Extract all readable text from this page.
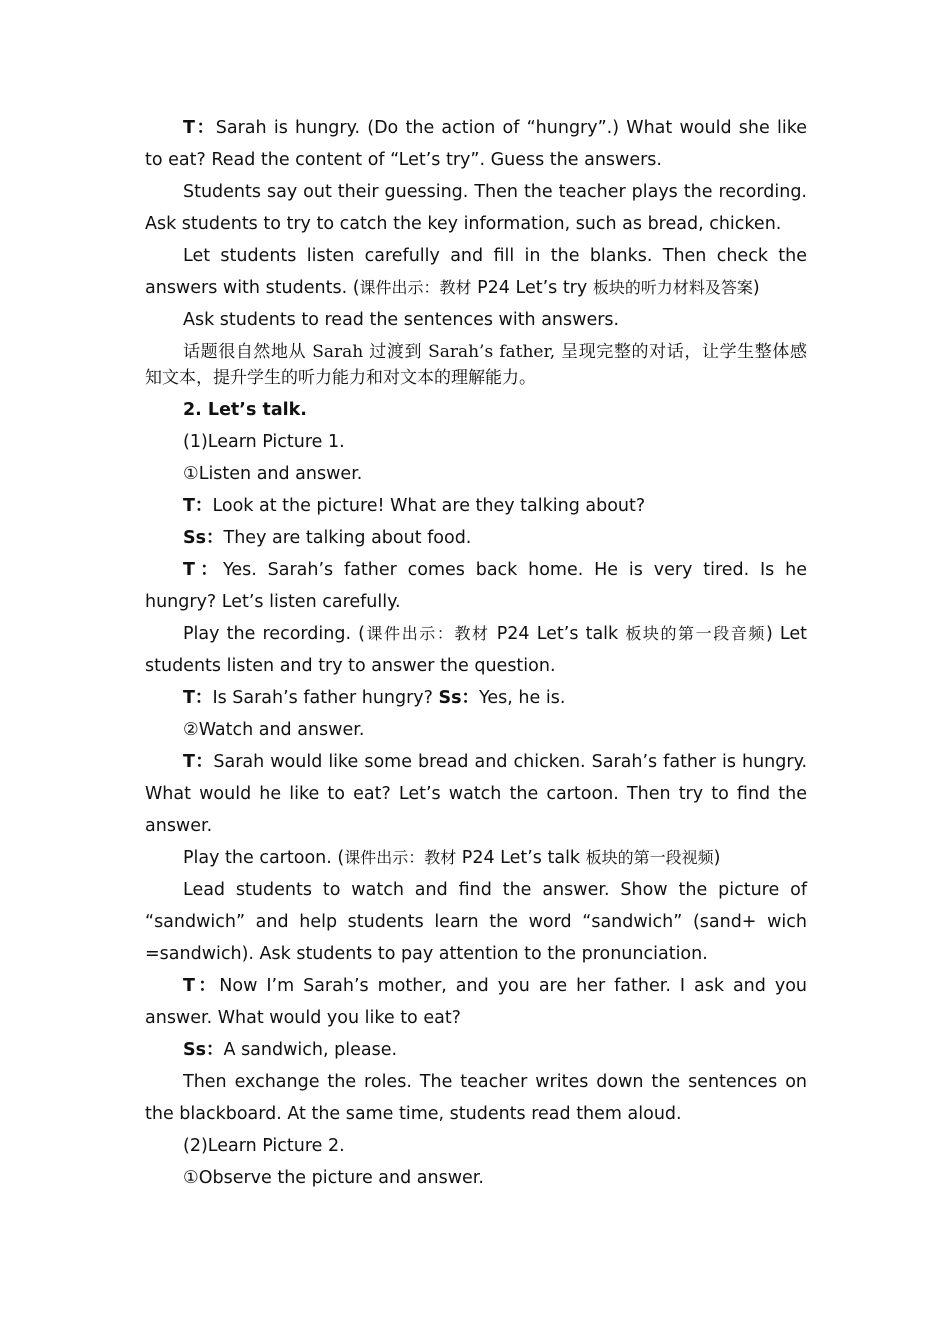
T：Sarah is hungry. (Do the action of “hungry”.) What would she like to eat? Read the content of “Let’s try”. Guess the answers.

Students say out their guessing. Then the teacher plays the recording. Ask students to try to catch the key information, such as bread, chicken.

Let students listen carefully and fill in the blanks. Then check the answers with students. (课件出示：教材 P24 Let’s try 板块的听力材料及答案)

Ask students to read the sentences with answers.

话题很自然地从 Sarah 过渡到 Sarah’s father, 呈现完整的对话，让学生整体感知文本，提升学生的听力能力和对文本的理解能力。

2. Let’s talk.

(1)Learn Picture 1.

①Listen and answer.

T：Look at the picture! What are they talking about?

Ss：They are talking about food.

T：Yes. Sarah’s father comes back home. He is very tired. Is he hungry? Let’s listen carefully.

Play the recording. (课件出示：教材 P24 Let’s talk 板块的第一段音频) Let students listen and try to answer the question.

T：Is Sarah’s father hungry? Ss：Yes, he is.

②Watch and answer.

T：Sarah would like some bread and chicken. Sarah’s father is hungry. What would he like to eat? Let’s watch the cartoon. Then try to find the answer.

Play the cartoon. (课件出示：教材 P24 Let’s talk 板块的第一段视频)

Lead students to watch and find the answer. Show the picture of “sandwich” and help students learn the word “sandwich” (sand+ wich =sandwich). Ask students to pay attention to the pronunciation.

T：Now I’m Sarah’s mother, and you are her father. I ask and you answer. What would you like to eat?

Ss：A sandwich, please.

Then exchange the roles. The teacher writes down the sentences on the blackboard. At the same time, students read them aloud.

(2)Learn Picture 2.

①Observe the picture and answer.
